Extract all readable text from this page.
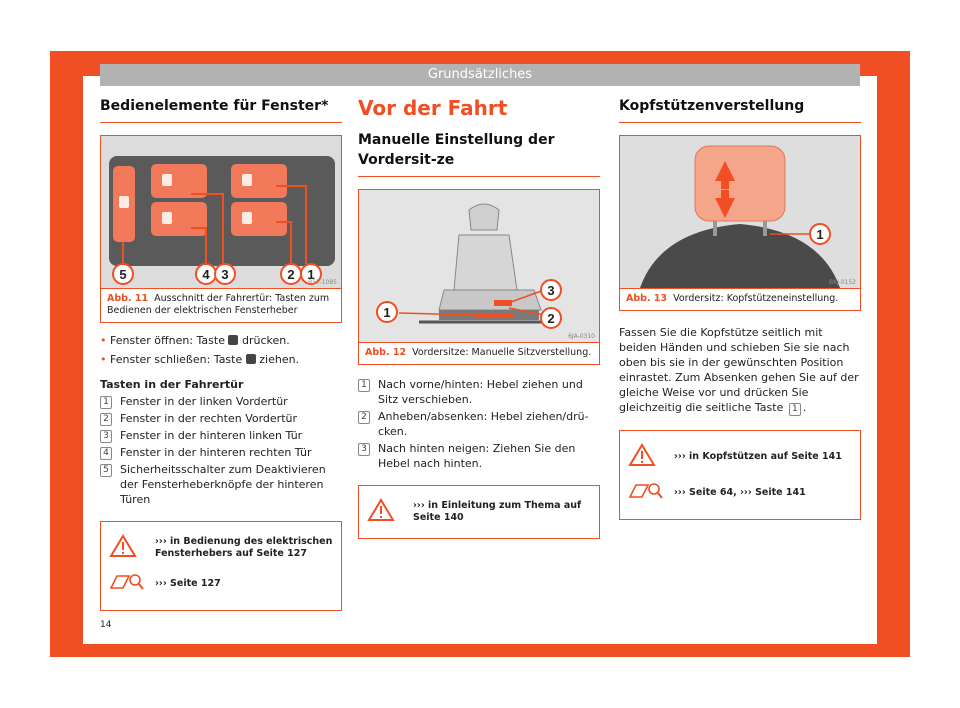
Grundsätzliches
Bedienelemente für Fenster*
5	4 3	2 1
B5F-1085
Abb. 11 Ausschnitt der Fahrertür: Tasten zum Bedienen der elektrischen Fensterheber
• Fenster öffnen: Taste drücken.
• Fenster schließen: Taste ziehen.
Tasten in der Fahrertür
1 Fenster in der linken Vordertür
2 Fenster in der rechten Vordertür
3 Fenster in der hinteren linken Tür
4 Fenster in der hinteren rechten Tür
5 Sicherheitsschalter zum Deaktivieren der Fensterheberknöpfe der hinteren Türen
››› in Bedienung des elektrischen Fensterhebers auf Seite 127
››› Seite 127
Vor der Fahrt
Manuelle Einstellung der Vordersit-ze
1
3
2
6JA-0310
Abb. 12 Vordersitze: Manuelle Sitzverstellung.
1 Nach vorne/hinten: Hebel ziehen und Sitz verschieben.
2 Anheben/absenken: Hebel ziehen/drü-cken.
3 Nach hinten neigen: Ziehen Sie den Hebel nach hinten.
››› in Einleitung zum Thema auf Seite 140
Kopfstützenverstellung
1
BKJ-0152
Abb. 13 Vordersitz: Kopfstützeneinstellung.
Fassen Sie die Kopfstütze seitlich mit beiden Händen und schieben Sie sie nach oben bis sie in der gewünschten Position einrastet. Zum Absenken gehen Sie auf der gleiche Weise vor und drücken Sie gleichzeitig die seitliche Taste 1 .
››› in Kopfstützen auf Seite 141
››› Seite 64, ››› Seite 141
14
